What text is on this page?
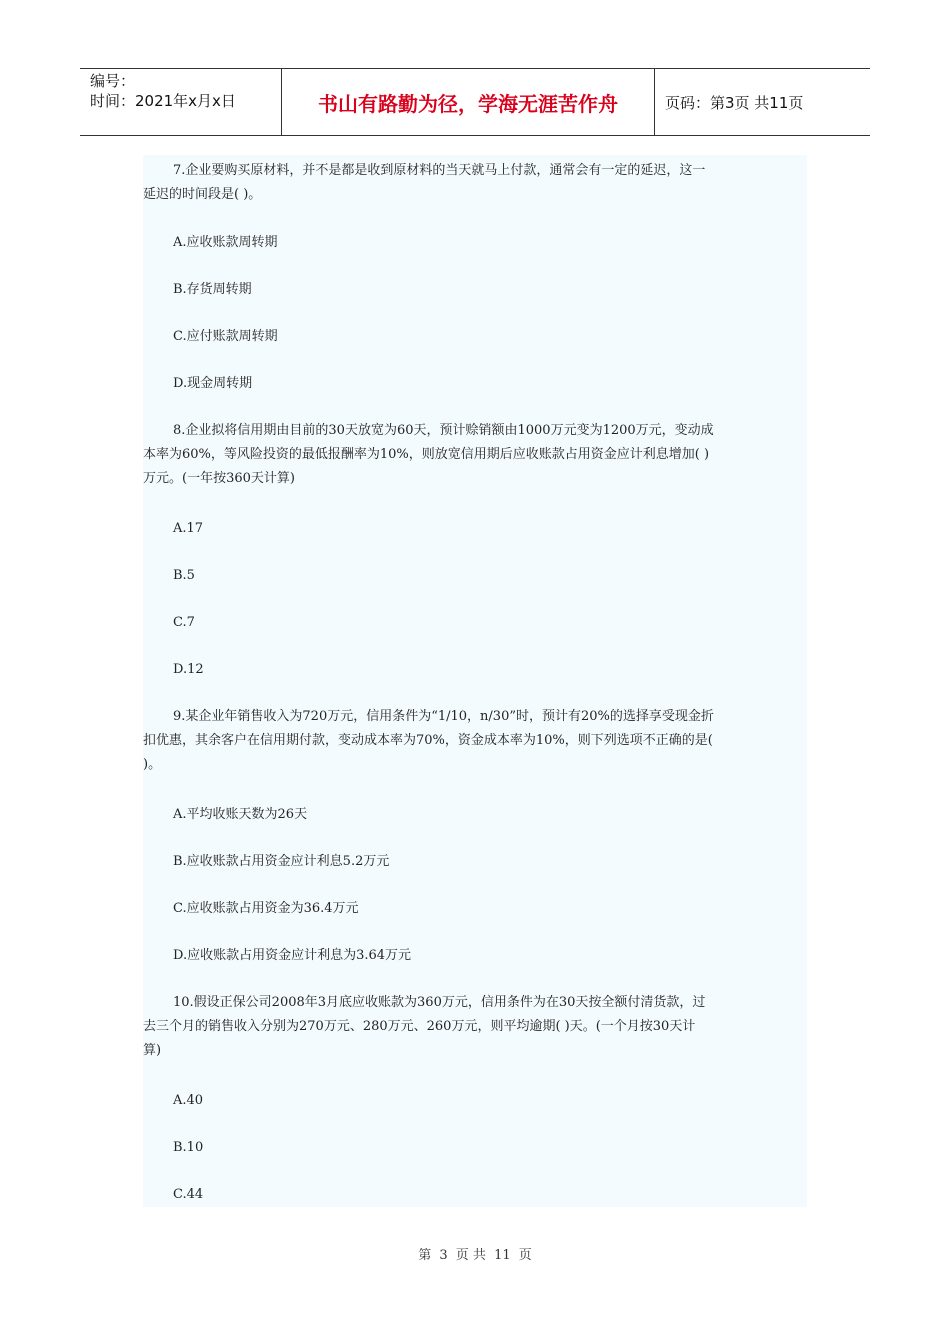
编号：
时间：2021年x月x日	书山有路勤为径，学海无涯苦作舟	页码：第3页 共11页
7.企业要购买原材料，并不是都是收到原材料的当天就马上付款，通常会有一定的延迟，这一
延迟的时间段是( )。
A.应收账款周转期
B.存货周转期
C.应付账款周转期
D.现金周转期
8.企业拟将信用期由目前的30天放宽为60天，预计赊销额由1000万元变为1200万元，变动成
本率为60%，等风险投资的最低报酬率为10%，则放宽信用期后应收账款占用资金应计利息增加( )
万元。(一年按360天计算)
A.17
B.5
C.7
D.12
9.某企业年销售收入为720万元，信用条件为“1/10，n/30”时，预计有20%的选择享受现金折
扣优惠，其余客户在信用期付款，变动成本率为70%，资金成本率为10%，则下列选项不正确的是(
)。
A.平均收账天数为26天
B.应收账款占用资金应计利息5.2万元
C.应收账款占用资金为36.4万元
D.应收账款占用资金应计利息为3.64万元
10.假设正保公司2008年3月底应收账款为360万元，信用条件为在30天按全额付清货款，过
去三个月的销售收入分别为270万元、280万元、260万元，则平均逾期( )天。(一个月按30天计
算)
A.40
B.10
C.44
第 3 页 共 11 页
